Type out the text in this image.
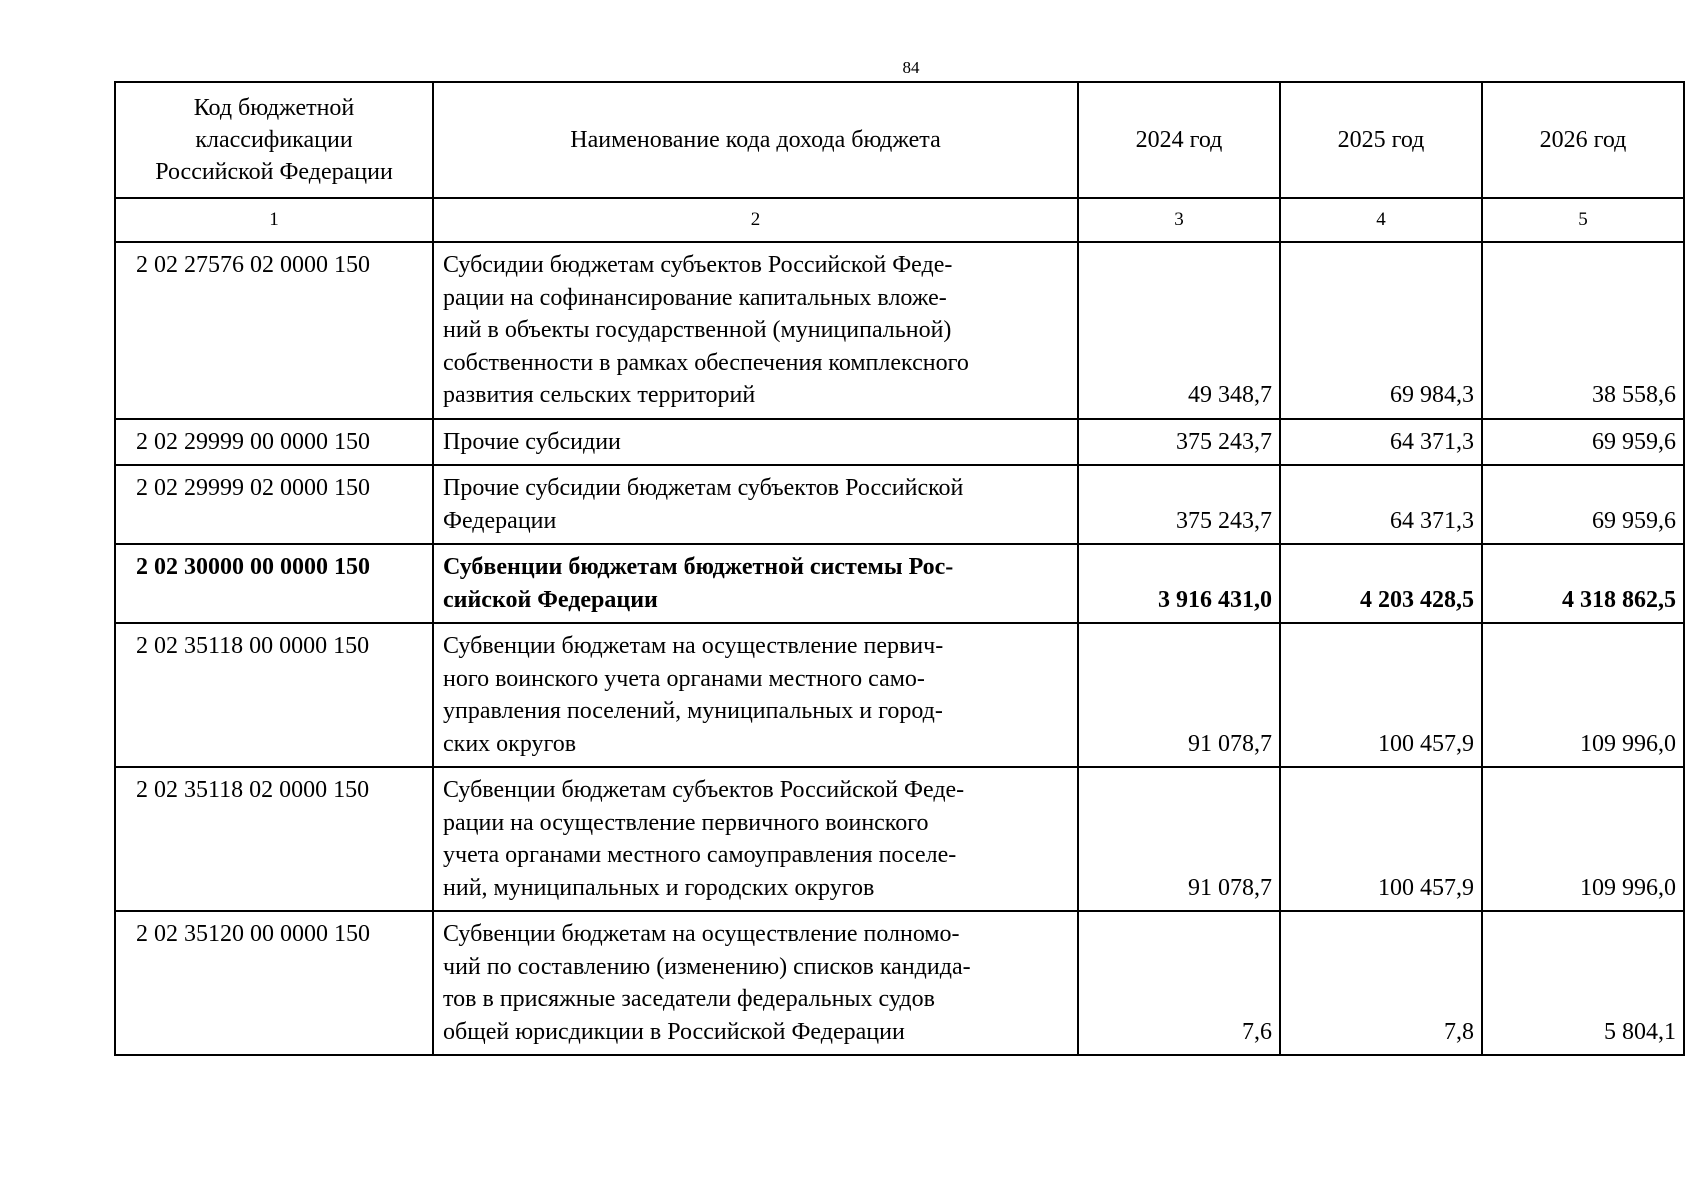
84
Код бюджетной
классификации
Российской Федерации	Наименование кода дохода бюджета	2024 год	2025 год	2026 год
1	2	3	4	5
2 02 27576 02 0000 150	Субсидии бюджетам субъектов Российской Феде-
рации на софинансирование капитальных вложе-
ний в объекты государственной (муниципальной)
собственности в рамках обеспечения комплексного
развития сельских территорий	49 348,7	69 984,3	38 558,6
2 02 29999 00 0000 150	Прочие субсидии	375 243,7	64 371,3	69 959,6
2 02 29999 02 0000 150	Прочие субсидии бюджетам субъектов Российской
Федерации	375 243,7	64 371,3	69 959,6
2 02 30000 00 0000 150	Субвенции бюджетам бюджетной системы Рос-
сийской Федерации	3 916 431,0	4 203 428,5	4 318 862,5
2 02 35118 00 0000 150	Субвенции бюджетам на осуществление первич-
ного воинского учета органами местного само-
управления поселений, муниципальных и город-
ских округов	91 078,7	100 457,9	109 996,0
2 02 35118 02 0000 150	Субвенции бюджетам субъектов Российской Феде-
рации на осуществление первичного воинского
учета органами местного самоуправления поселе-
ний, муниципальных и городских округов	91 078,7	100 457,9	109 996,0
2 02 35120 00 0000 150	Субвенции бюджетам на осуществление полномо-
чий по составлению (изменению) списков кандида-
тов в присяжные заседатели федеральных судов
общей юрисдикции в Российской Федерации	7,6	7,8	5 804,1
